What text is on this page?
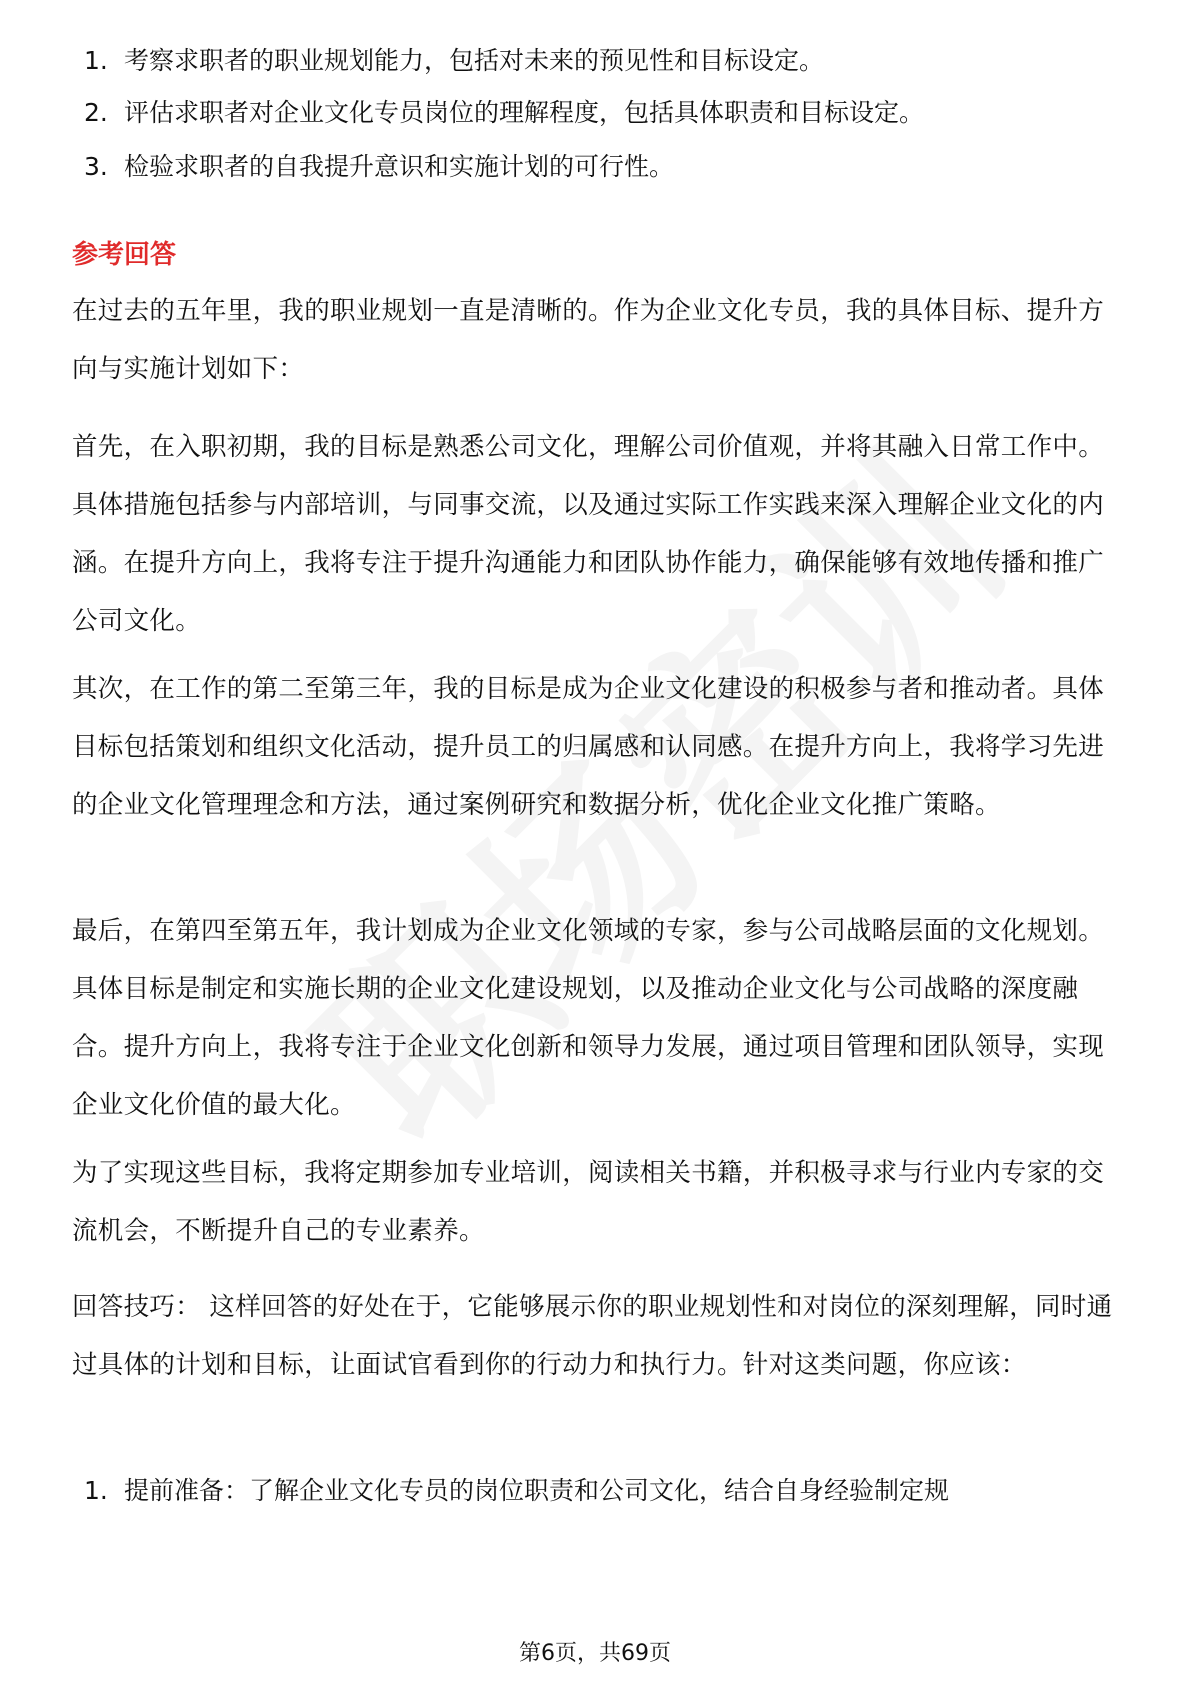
1. 考察求职者的职业规划能力，包括对未来的预见性和目标设定。
2. 评估求职者对企业文化专员岗位的理解程度，包括具体职责和目标设定。
3. 检验求职者的自我提升意识和实施计划的可行性。
参考回答
在过去的五年里，我的职业规划一直是清晰的。作为企业文化专员，我的具体目标、提升方向与实施计划如下：
首先，在入职初期，我的目标是熟悉公司文化，理解公司价值观，并将其融入日常工作中。具体措施包括参与内部培训，与同事交流，以及通过实际工作实践来深入理解企业文化的内涵。在提升方向上，我将专注于提升沟通能力和团队协作能力，确保能够有效地传播和推广公司文化。
其次，在工作的第二至第三年，我的目标是成为企业文化建设的积极参与者和推动者。具体目标包括策划和组织文化活动，提升员工的归属感和认同感。在提升方向上，我将学习先进的企业文化管理理念和方法，通过案例研究和数据分析，优化企业文化推广策略。
最后，在第四至第五年，我计划成为企业文化领域的专家，参与公司战略层面的文化规划。具体目标是制定和实施长期的企业文化建设规划，以及推动企业文化与公司战略的深度融合。提升方向上，我将专注于企业文化创新和领导力发展，通过项目管理和团队领导，实现企业文化价值的最大化。
为了实现这些目标，我将定期参加专业培训，阅读相关书籍，并积极寻求与行业内专家的交流机会，不断提升自己的专业素养。
回答技巧： 这样回答的好处在于，它能够展示你的职业规划性和对岗位的深刻理解，同时通过具体的计划和目标，让面试官看到你的行动力和执行力。针对这类问题，你应该：
1. 提前准备：了解企业文化专员的岗位职责和公司文化，结合自身经验制定规
第6页，共69页
